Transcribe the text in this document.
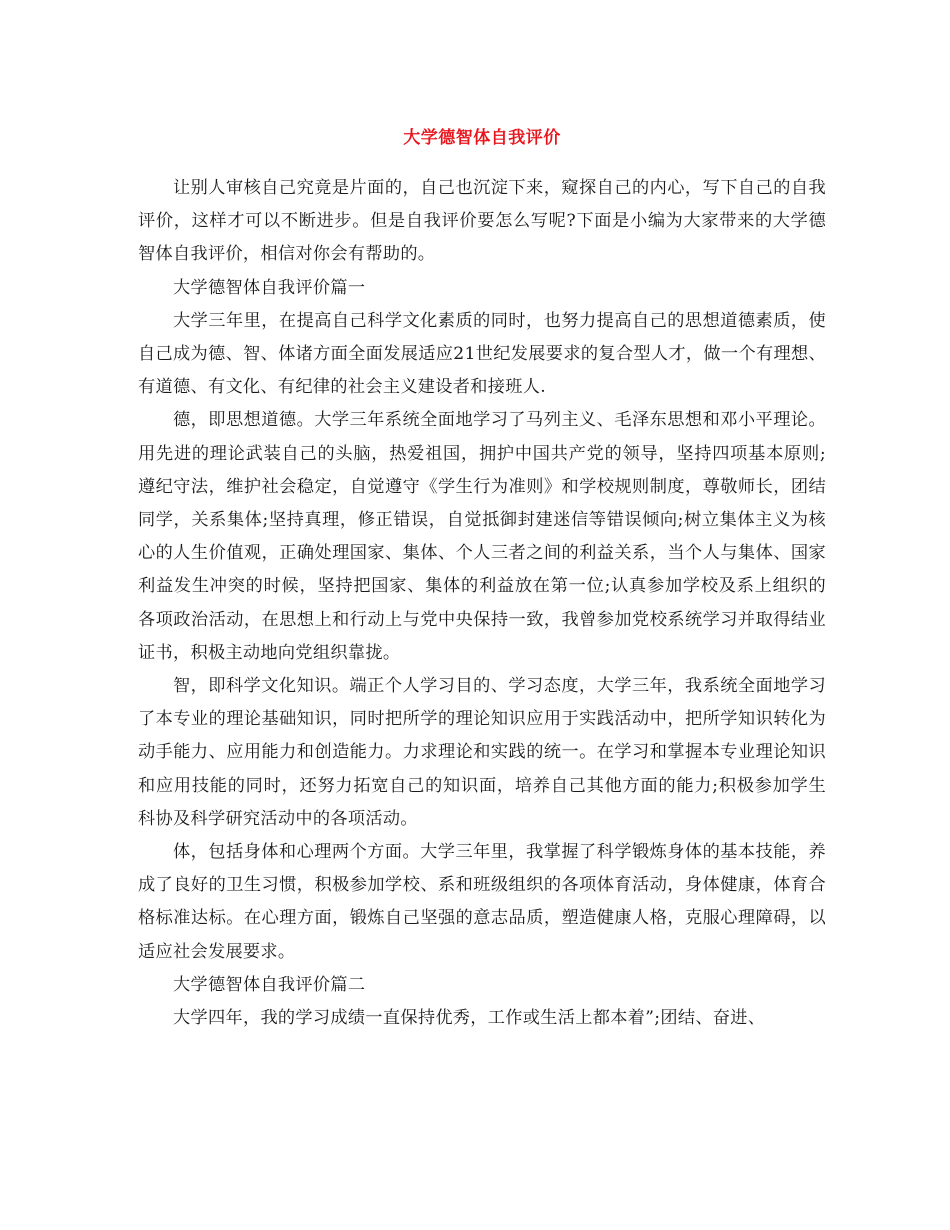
大学德智体自我评价

让别人审核自己究竟是片面的，自己也沉淀下来，窥探自己的内心，写下自己的自我评价，这样才可以不断进步。但是自我评价要怎么写呢?下面是小编为大家带来的大学德智体自我评价，相信对你会有帮助的。

大学德智体自我评价篇一

大学三年里，在提高自己科学文化素质的同时，也努力提高自己的思想道德素质，使自己成为德、智、体诸方面全面发展适应21世纪发展要求的复合型人才，做一个有理想、有道德、有文化、有纪律的社会主义建设者和接班人.

德，即思想道德。大学三年系统全面地学习了马列主义、毛泽东思想和邓小平理论。用先进的理论武装自己的头脑，热爱祖国，拥护中国共产党的领导，坚持四项基本原则;遵纪守法，维护社会稳定，自觉遵守《学生行为准则》和学校规则制度，尊敬师长，团结同学，关系集体;坚持真理，修正错误，自觉抵御封建迷信等错误倾向;树立集体主义为核心的人生价值观，正确处理国家、集体、个人三者之间的利益关系，当个人与集体、国家利益发生冲突的时候，坚持把国家、集体的利益放在第一位;认真参加学校及系上组织的各项政治活动，在思想上和行动上与党中央保持一致，我曾参加党校系统学习并取得结业证书，积极主动地向党组织靠拢。

智，即科学文化知识。端正个人学习目的、学习态度，大学三年，我系统全面地学习了本专业的理论基础知识，同时把所学的理论知识应用于实践活动中，把所学知识转化为动手能力、应用能力和创造能力。力求理论和实践的统一。在学习和掌握本专业理论知识和应用技能的同时，还努力拓宽自己的知识面，培养自己其他方面的能力;积极参加学生科协及科学研究活动中的各项活动。

体，包括身体和心理两个方面。大学三年里，我掌握了科学锻炼身体的基本技能，养成了良好的卫生习惯，积极参加学校、系和班级组织的各项体育活动，身体健康，体育合格标准达标。在心理方面，锻炼自己坚强的意志品质，塑造健康人格，克服心理障碍，以适应社会发展要求。

大学德智体自我评价篇二

大学四年，我的学习成绩一直保持优秀，工作或生活上都本着”;团结、奋进、
